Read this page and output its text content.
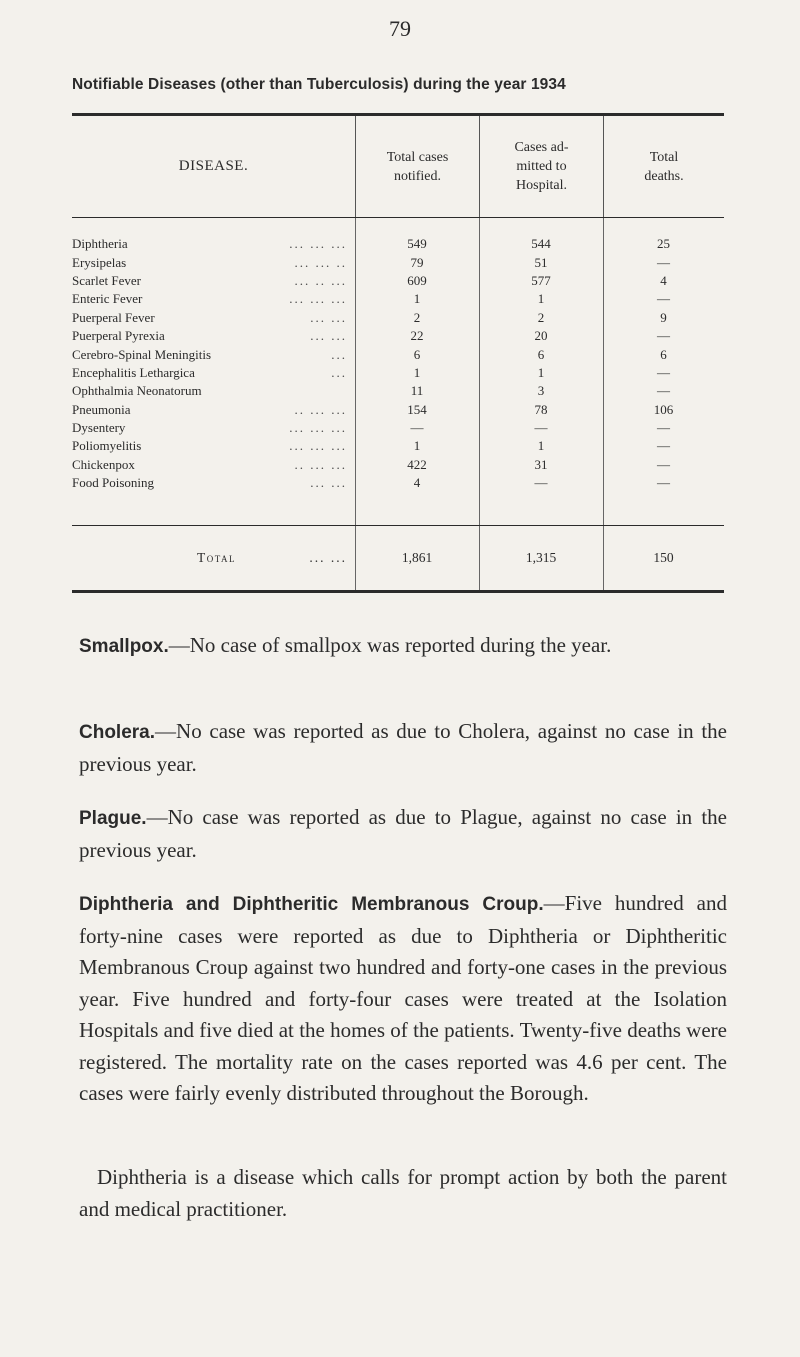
79
Notifiable Diseases (other than Tuberculosis) during the year 1934
DISEASE.
Total cases
notified.
Cases ad-
mitted to
Hospital.
Total
deaths.
Diphtheria	... ... ...	549	544	25
Erysipelas	... ... ..	79	51	—
Scarlet Fever	... .. ...	609	577	4
Enteric Fever	... ... ...	1	1	—
Puerperal Fever	... ...	2	2	9
Puerperal Pyrexia	... ...	22	20	—
Cerebro-Spinal Meningitis	...	6	6	6
Encephalitis Lethargica	...	1	1	—
Ophthalmia Neonatorum	11	3	—
Pneumonia	.. ... ...	154	78	106
Dysentery	... ... ...	—	—	—
Poliomyelitis	... ... ...	1	1	—
Chickenpox	.. ... ...	422	31	—
Food Poisoning	... ...	4	—	—
Total	... ...	1,861	1,315	150

Smallpox.—No case of smallpox was reported during the year.

Cholera.—No case was reported as due to Cholera, against no case in the previous year.

Plague.—No case was reported as due to Plague, against no case in the previous year.

Diphtheria and Diphtheritic Membranous Croup.—Five hundred and forty-nine cases were reported as due to Diphtheria or Diphtheritic Membranous Croup against two hundred and forty-one cases in the previous year. Five hundred and forty-four cases were treated at the Isolation Hospitals and five died at the homes of the patients. Twenty-five deaths were registered. The mortality rate on the cases reported was 4.6 per cent. The cases were fairly evenly distributed throughout the Borough.

Diphtheria is a disease which calls for prompt action by both the parent and medical practitioner.
